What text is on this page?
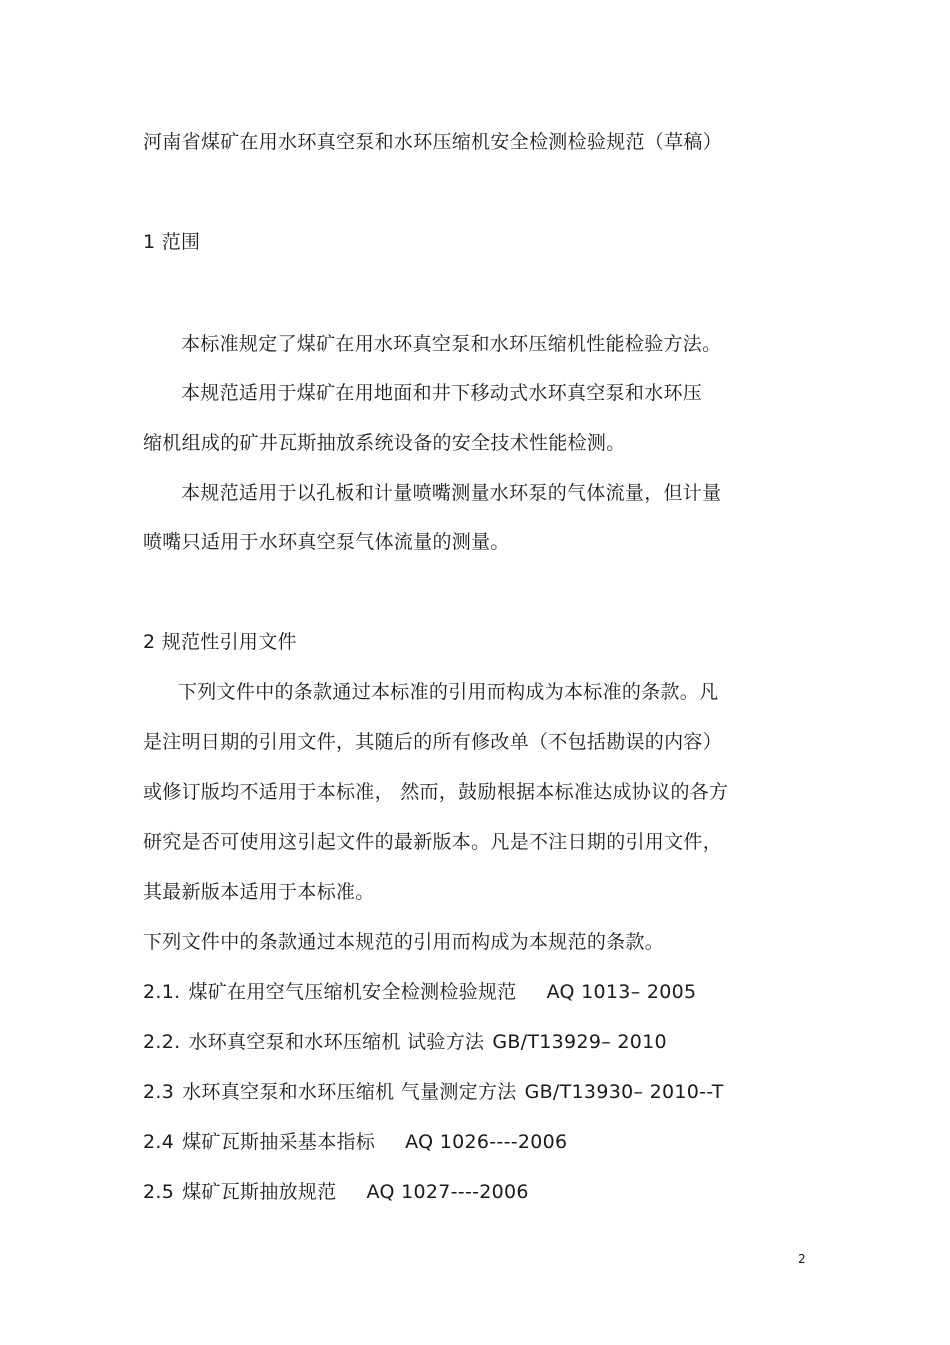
河南省煤矿在用水环真空泵和水环压缩机安全检测检验规范（草稿）
1 范围
本标准规定了煤矿在用水环真空泵和水环压缩机性能检验方法。
本规范适用于煤矿在用地面和井下移动式水环真空泵和水环压
缩机组成的矿井瓦斯抽放系统设备的安全技术性能检测。
本规范适用于以孔板和计量喷嘴测量水环泵的气体流量，但计量
喷嘴只适用于水环真空泵气体流量的测量。
2 规范性引用文件
下列文件中的条款通过本标准的引用而构成为本标准的条款。凡
是注明日期的引用文件，其随后的所有修改单（不包括勘误的内容）
或修订版均不适用于本标准， 然而，鼓励根据本标准达成协议的各方
研究是否可使用这引起文件的最新版本。凡是不注日期的引用文件，
其最新版本适用于本标准。
下列文件中的条款通过本规范的引用而构成为本规范的条款。
2.1. 煤矿在用空气压缩机安全检测检验规范 AQ 1013– 2005
2.2. 水环真空泵和水环压缩机 试验方法 GB/T13929– 2010
2.3 水环真空泵和水环压缩机 气量测定方法 GB/T13930– 2010--T
2.4 煤矿瓦斯抽采基本指标 AQ 1026----2006
2.5 煤矿瓦斯抽放规范 AQ 1027----2006
2
